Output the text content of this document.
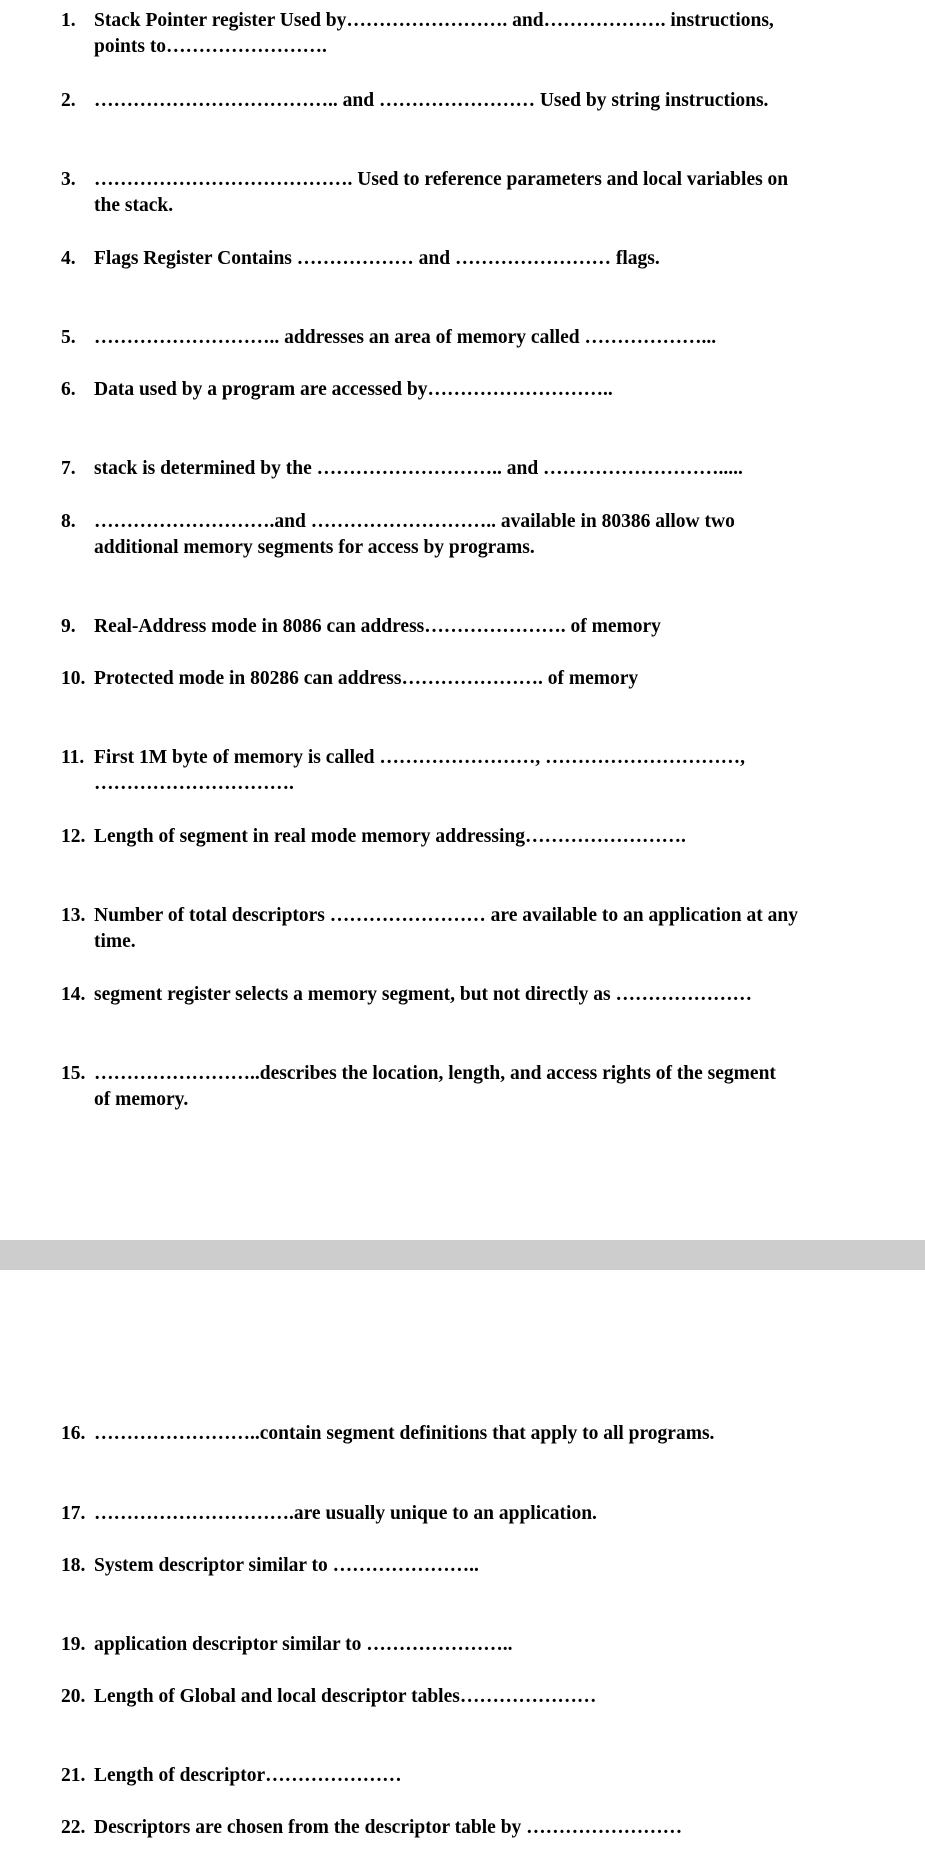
1. Stack Pointer register Used by……………………. and………………. instructions,
points to…………………….
2. ……………………………….. and …………………… Used by string instructions.
3. …………………………………. Used to reference parameters and local variables on
the stack.
4. Flags Register Contains ……………… and …………………… flags.
5. ……………………….. addresses an area of memory called ………………...
6. Data used by a program are accessed by………………………..
7. stack is determined by the ……………………….. and ……………………….....
8. ……………………….and ……………………….. available in 80386 allow two
additional memory segments for access by programs.
9. Real-Address mode in 8086 can address…………………. of memory
10. Protected mode in 80286 can address…………………. of memory
11. First 1M byte of memory is called ……………………, …………………………,
………………………….
12. Length of segment in real mode memory addressing…………………….
13. Number of total descriptors …………………… are available to an application at any
time.
14. segment register selects a memory segment, but not directly as …………………
15. ……………………..describes the location, length, and access rights of the segment
of memory.
16. ……………………..contain segment definitions that apply to all programs.
17. ………………………….are usually unique to an application.
18. System descriptor similar to …………………..
19. application descriptor similar to …………………..
20. Length of Global and local descriptor tables…………………
21. Length of descriptor…………………
22. Descriptors are chosen from the descriptor table by ……………………
